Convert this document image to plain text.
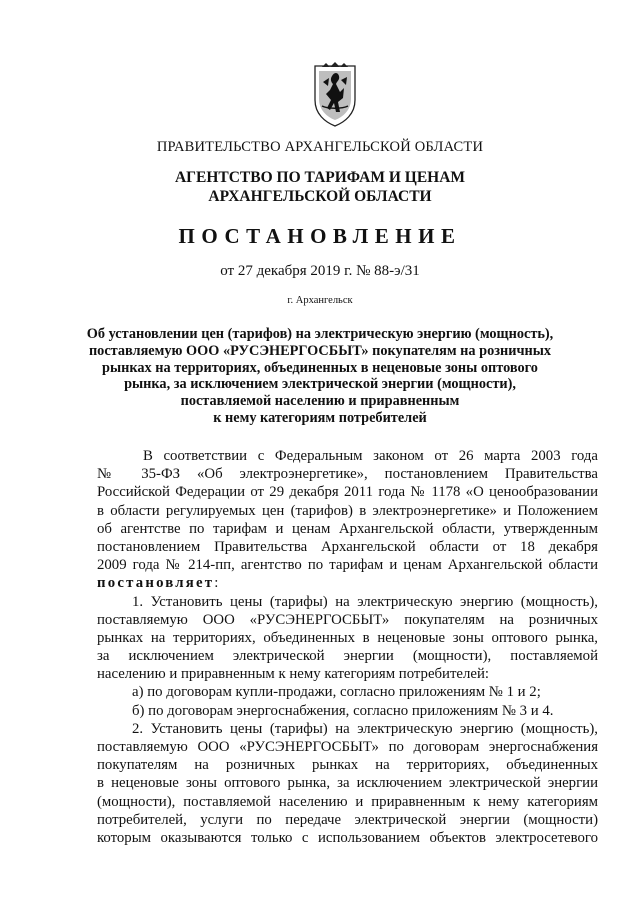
ПРАВИТЕЛЬСТВО АРХАНГЕЛЬСКОЙ ОБЛАСТИ
АГЕНТСТВО ПО ТАРИФАМ И ЦЕНАМ
АРХАНГЕЛЬСКОЙ ОБЛАСТИ
ПОСТАНОВЛЕНИЕ
от 27 декабря 2019 г. № 88-э/31
г. Архангельск
Об установлении цен (тарифов) на электрическую энергию (мощность),
поставляемую ООО «РУСЭНЕРГОСБЫТ» покупателям на розничных
рынках на территориях, объединенных в неценовые зоны оптового
рынка, за исключением электрической энергии (мощности),
поставляемой населению и приравненным
к нему категориям потребителей
В соответствии с Федеральным законом от 26 марта 2003 года
№ 35-ФЗ «Об электроэнергетике», постановлением Правительства
Российской Федерации от 29 декабря 2011 года № 1178 «О ценообразовании
в области регулируемых цен (тарифов) в электроэнергетике» и Положением
об агентстве по тарифам и ценам Архангельской области, утвержденным
постановлением Правительства Архангельской области от 18 декабря
2009 года № 214-пп, агентство по тарифам и ценам Архангельской области
постановляет:
1. Установить цены (тарифы) на электрическую энергию (мощность),
поставляемую ООО «РУСЭНЕРГОСБЫТ» покупателям на розничных
рынках на территориях, объединенных в неценовые зоны оптового рынка,
за исключением электрической энергии (мощности), поставляемой
населению и приравненным к нему категориям потребителей:
а) по договорам купли-продажи, согласно приложениям № 1 и 2;
б) по договорам энергоснабжения, согласно приложениям № 3 и 4.
2. Установить цены (тарифы) на электрическую энергию (мощность),
поставляемую ООО «РУСЭНЕРГОСБЫТ» по договорам энергоснабжения
покупателям на розничных рынках на территориях, объединенных
в неценовые зоны оптового рынка, за исключением электрической энергии
(мощности), поставляемой населению и приравненным к нему категориям
потребителей, услуги по передаче электрической энергии (мощности)
которым оказываются только с использованием объектов электросетевого
